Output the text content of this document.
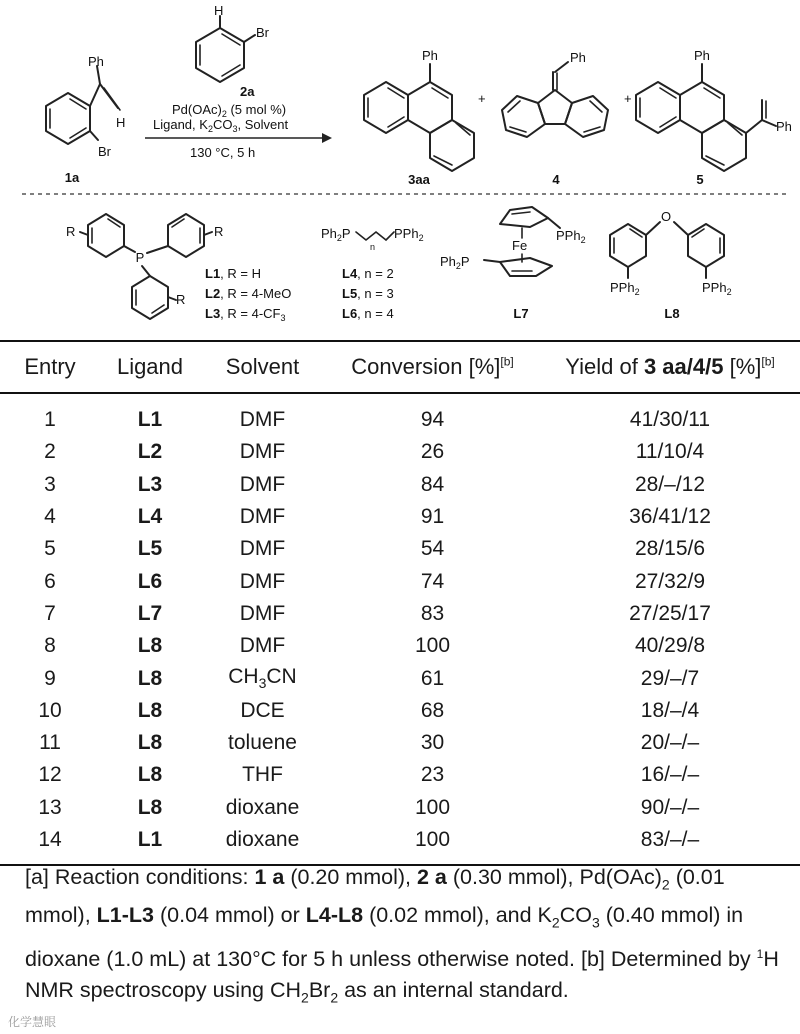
Ph
Br
H
1a
H
Br
2a
$Pd(OAc)_2$ (5 mol %)
Ligand, $K_2CO_3$, Solvent
130 °C, 5 h
Ph
3aa
+
Ph
4
+
Ph
Ph
5
P
R	R
R
L1, R = H
L2, R = 4-MeO
L3, $R = 4-CF_3$
$Ph_2P$
n
PPh$_2$
L4, n = 2
L5, n = 3
L6, n = 4
PPh$_2$
Fe
$Ph_2P$
L7
O
PPh$_2$	PPh$_2$
L8
Entry	Ligand	Solvent	Conversion [%][b]	Yield of 3 aa/4/5 [%][b]
1	L1	DMF	94	41/30/11
2	L2	DMF	26	11/10/4
3	L3	DMF	84	28/–/12
4	L4	DMF	91	36/41/12
5	L5	DMF	54	28/15/6
6	L6	DMF	74	27/32/9
7	L7	DMF	83	27/25/17
8	L8	DMF	100	40/29/8
9	L8	$CH_3CN$	61	29/–/7
10	L8	DCE	68	18/–/4
11	L8	toluene	30	20/–/–
12	L8	THF	23	16/–/–
13	L8	dioxane	100	90/–/–
14	L1	dioxane	100	83/–/–
[a] Reaction conditions: 1 a (0.20 mmol), 2 a (0.30 mmol), $Pd(OAc)_2$ (0.01 mmol), L1-L3 (0.04 mmol) or L4-L8 (0.02 mmol), and $K_2CO_3$ (0.40 mmol) in dioxane (1.0 mL) at 130°C for 5 h unless otherwise noted. [b] Determined by $^1$H NMR spectroscopy using $CH_2Br_2$ as an internal standard.
化学慧眼
